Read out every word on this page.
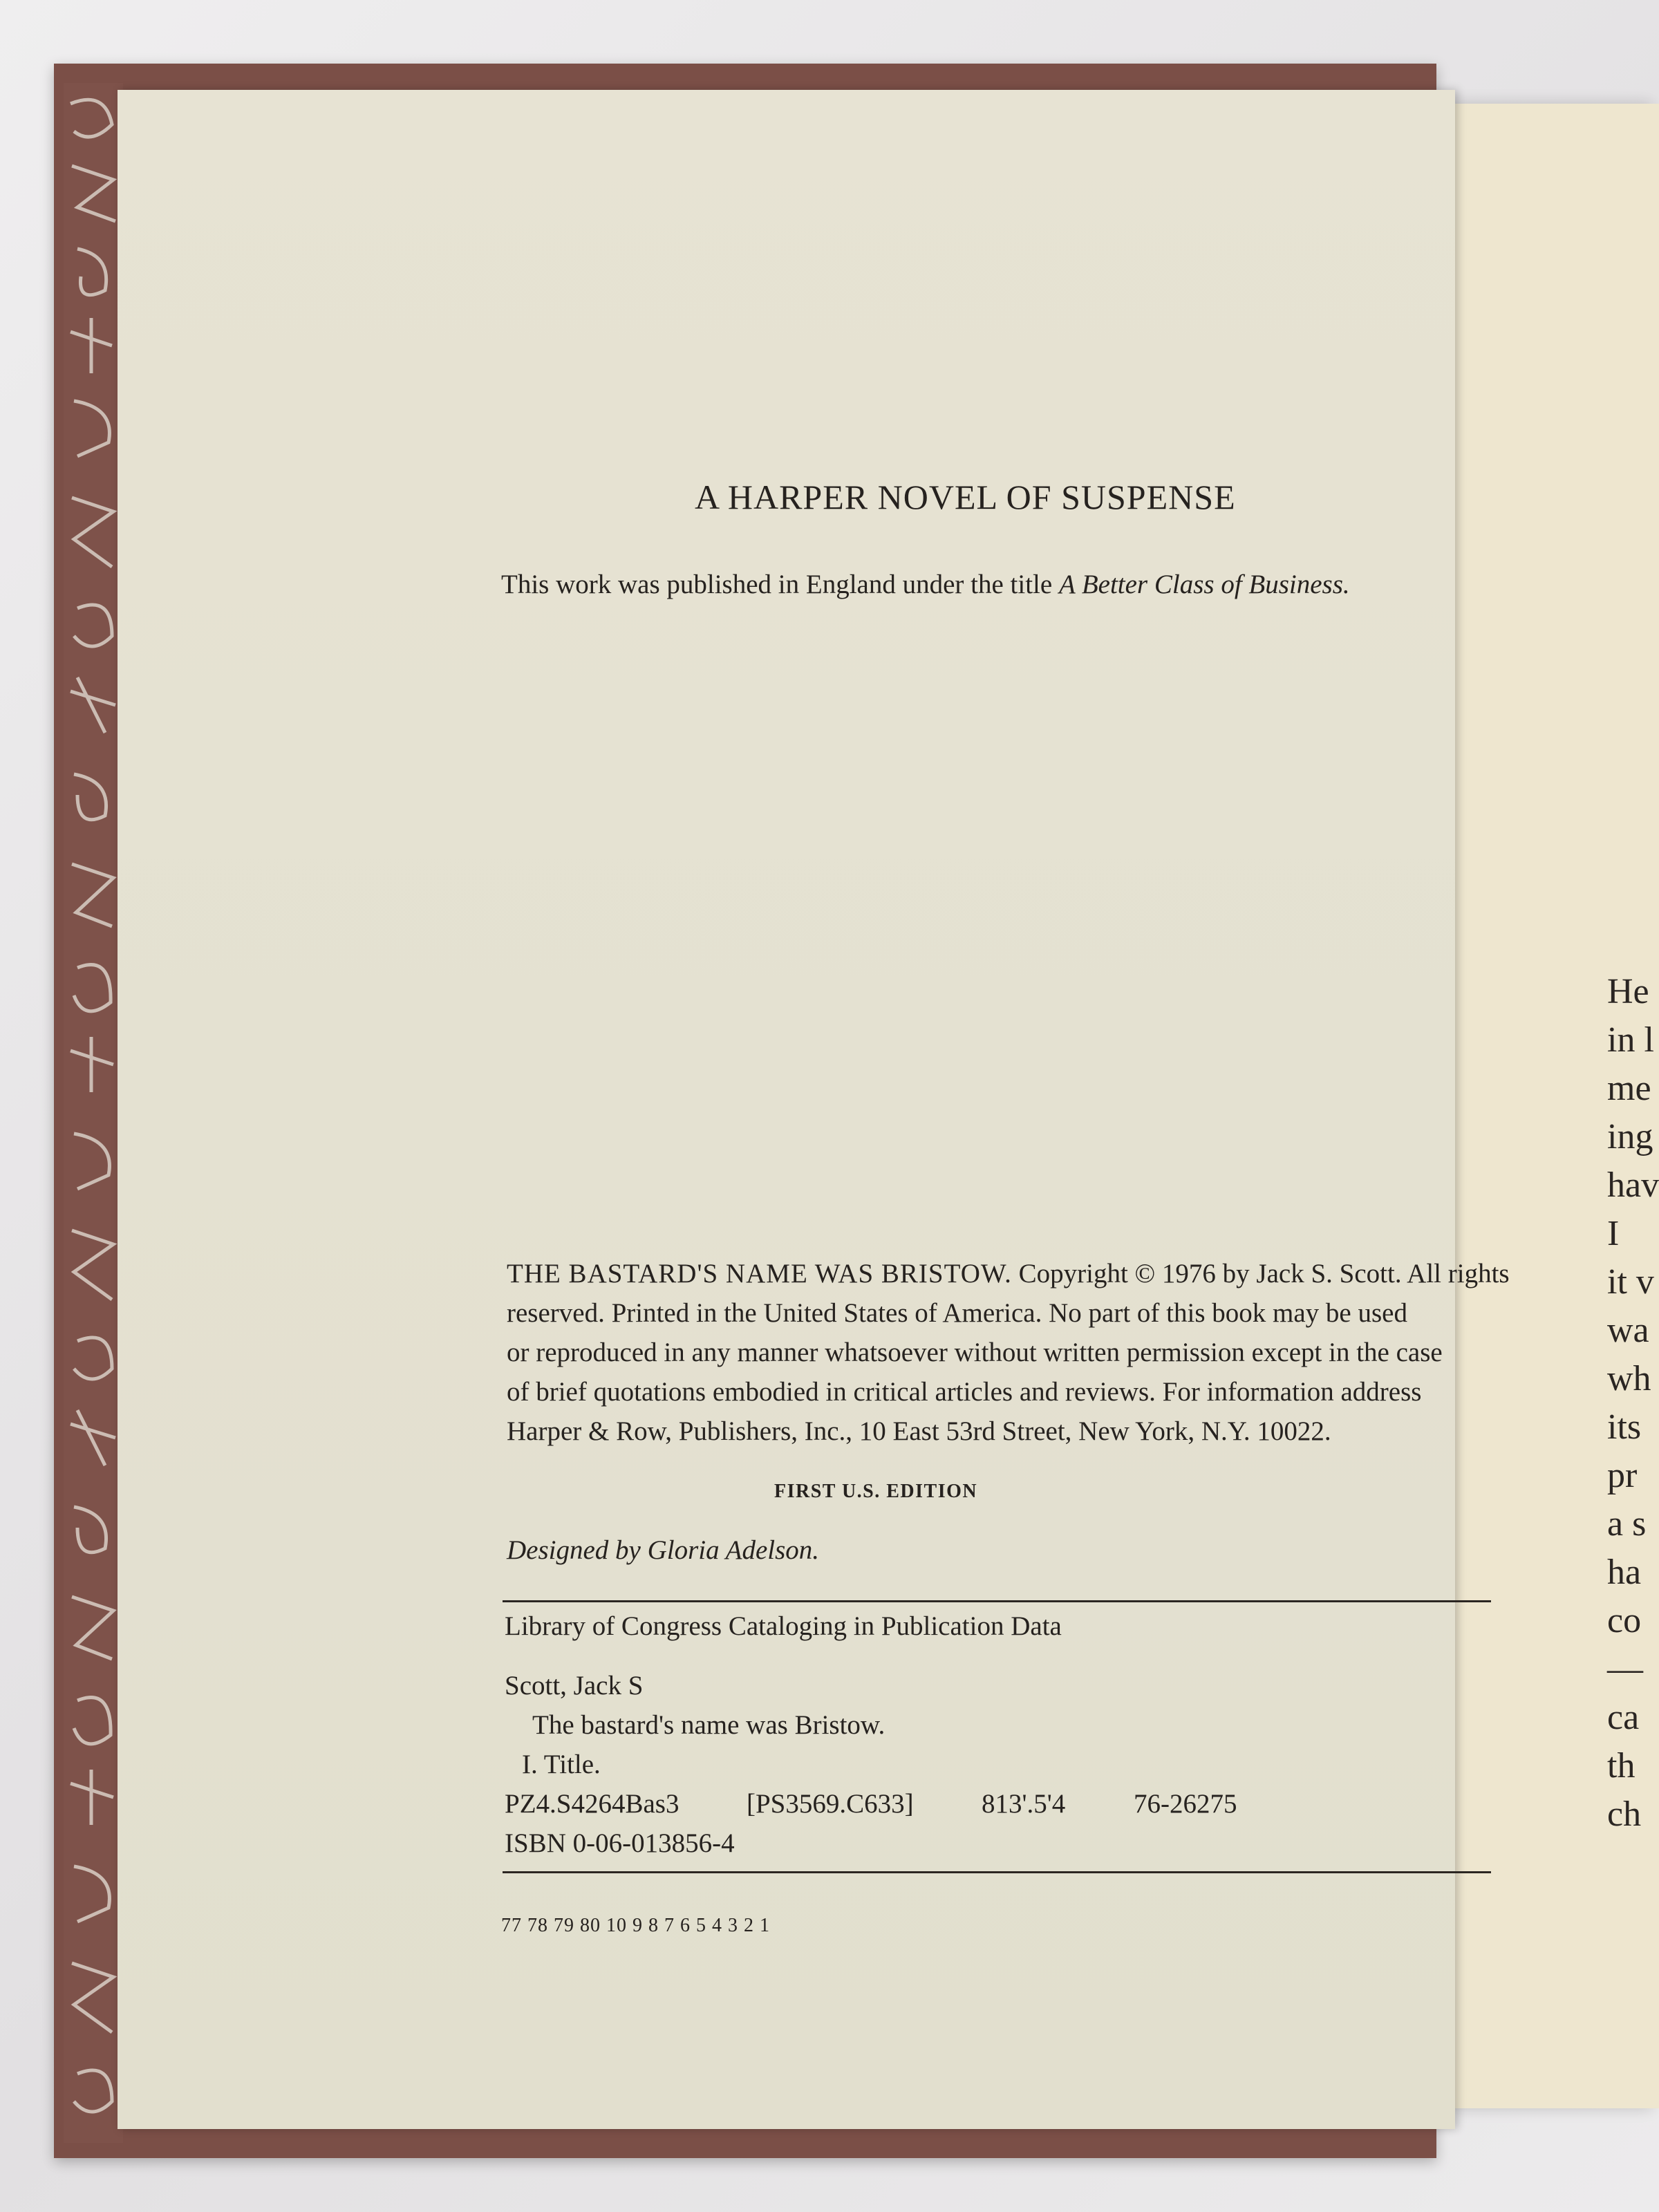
He
in l
me
ing
hav
I
it v
wa
wh
its
pr
a s
ha
co
—
ca
th
ch
A HARPER NOVEL OF SUSPENSE
This work was published in England under the title A Better Class of Business.
THE BASTARD'S NAME WAS BRISTOW. Copyright © 1976 by Jack S. Scott. All rights
reserved. Printed in the United States of America. No part of this book may be used
or reproduced in any manner whatsoever without written permission except in the case
of brief quotations embodied in critical articles and reviews. For information address
Harper & Row, Publishers, Inc., 10 East 53rd Street, New York, N.Y. 10022.
FIRST U.S. EDITION
Designed by Gloria Adelson.
Library of Congress Cataloging in Publication Data
Scott, Jack S
The bastard's name was Bristow.
I. Title.
PZ4.S4264Bas3	[PS3569.C633]	813'.5'4	76-26275
ISBN 0-06-013856-4
77 78 79 80 10 9 8 7 6 5 4 3 2 1
